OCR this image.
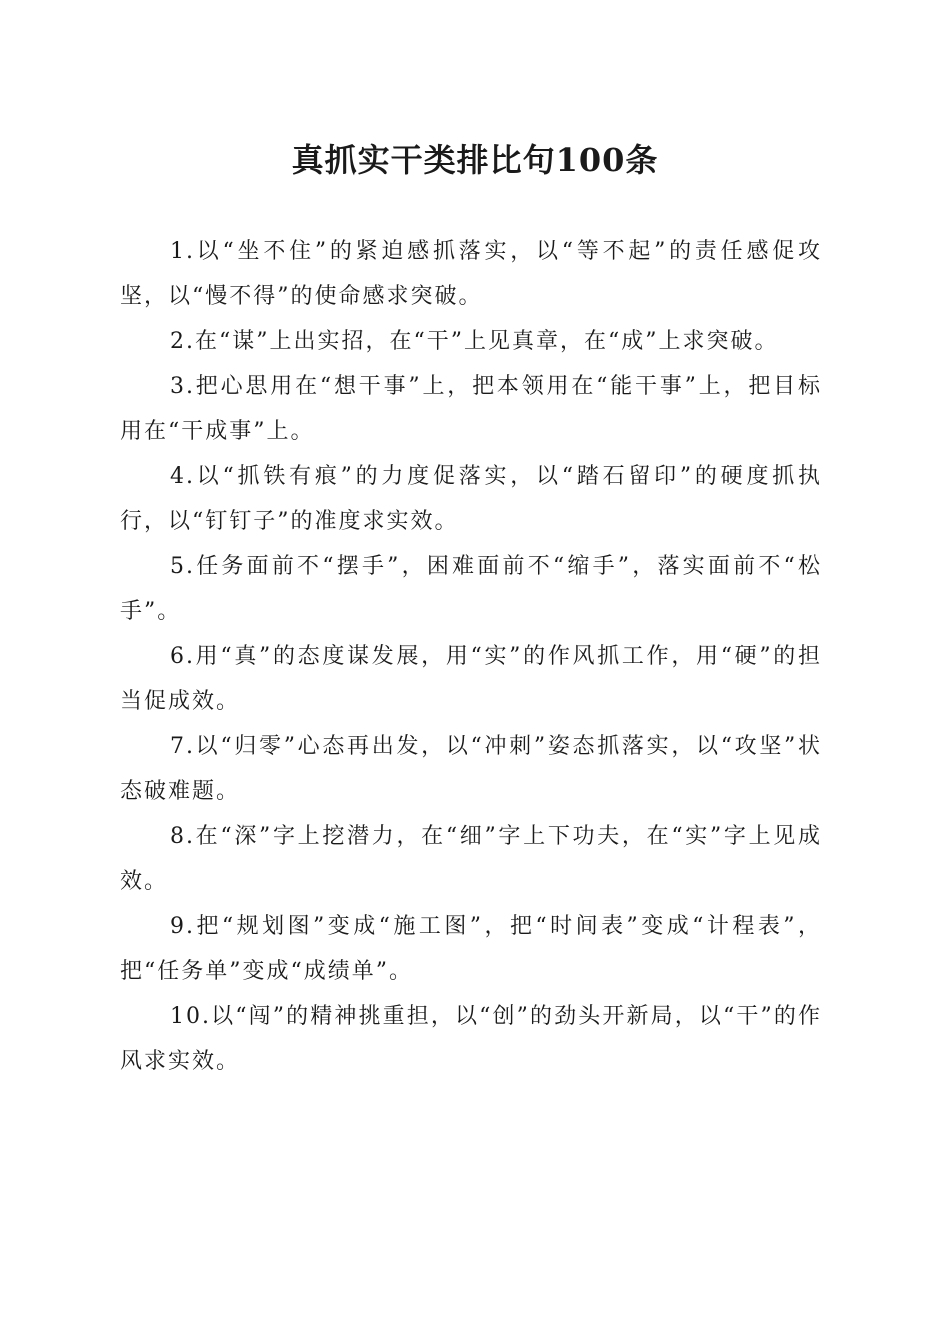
真抓实干类排比句100条

1.以“坐不住”的紧迫感抓落实，以“等不起”的责任感促攻坚，以“慢不得”的使命感求突破。

2.在“谋”上出实招，在“干”上见真章，在“成”上求突破。

3.把心思用在“想干事”上，把本领用在“能干事”上，把目标用在“干成事”上。

4.以“抓铁有痕”的力度促落实，以“踏石留印”的硬度抓执行，以“钉钉子”的准度求实效。

5.任务面前不“摆手”，困难面前不“缩手”，落实面前不“松手”。

6.用“真”的态度谋发展，用“实”的作风抓工作，用“硬”的担当促成效。

7.以“归零”心态再出发，以“冲刺”姿态抓落实，以“攻坚”状态破难题。

8.在“深”字上挖潜力，在“细”字上下功夫，在“实”字上见成效。

9.把“规划图”变成“施工图”，把“时间表”变成“计程表”，把“任务单”变成“成绩单”。

10.以“闯”的精神挑重担，以“创”的劲头开新局，以“干”的作风求实效。
